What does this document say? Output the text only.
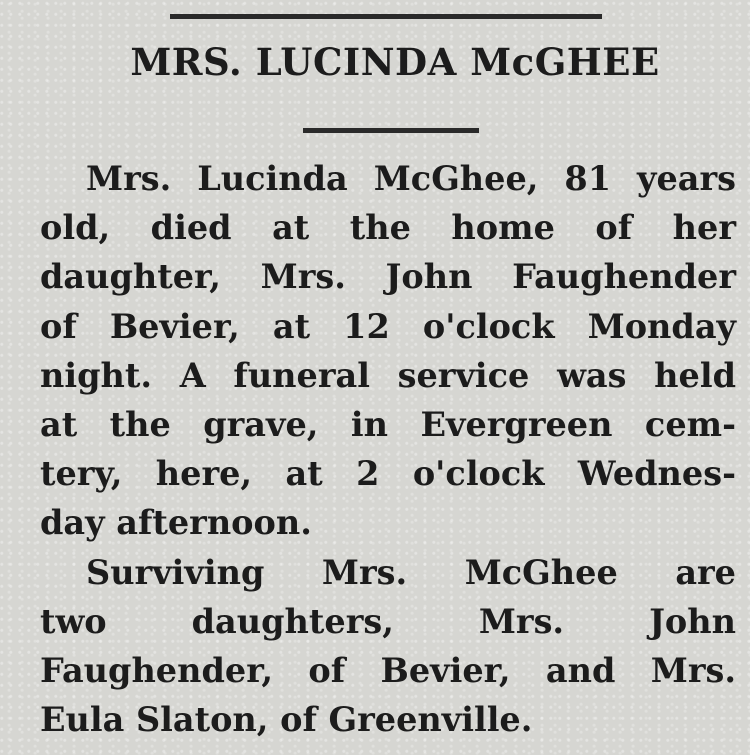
MRS. LUCINDA McGHEE
Mrs. Lucinda McGhee, 81 years
old, died at the home of her
daughter, Mrs. John Faughender
of Bevier, at 12 o'clock Monday
night. A funeral service was held
at the grave, in Evergreen cem-
tery, here, at 2 o'clock Wednes-
day afternoon.
Surviving Mrs. McGhee are
two daughters, Mrs. John
Faughender, of Bevier, and Mrs.
Eula Slaton, of Greenville.
